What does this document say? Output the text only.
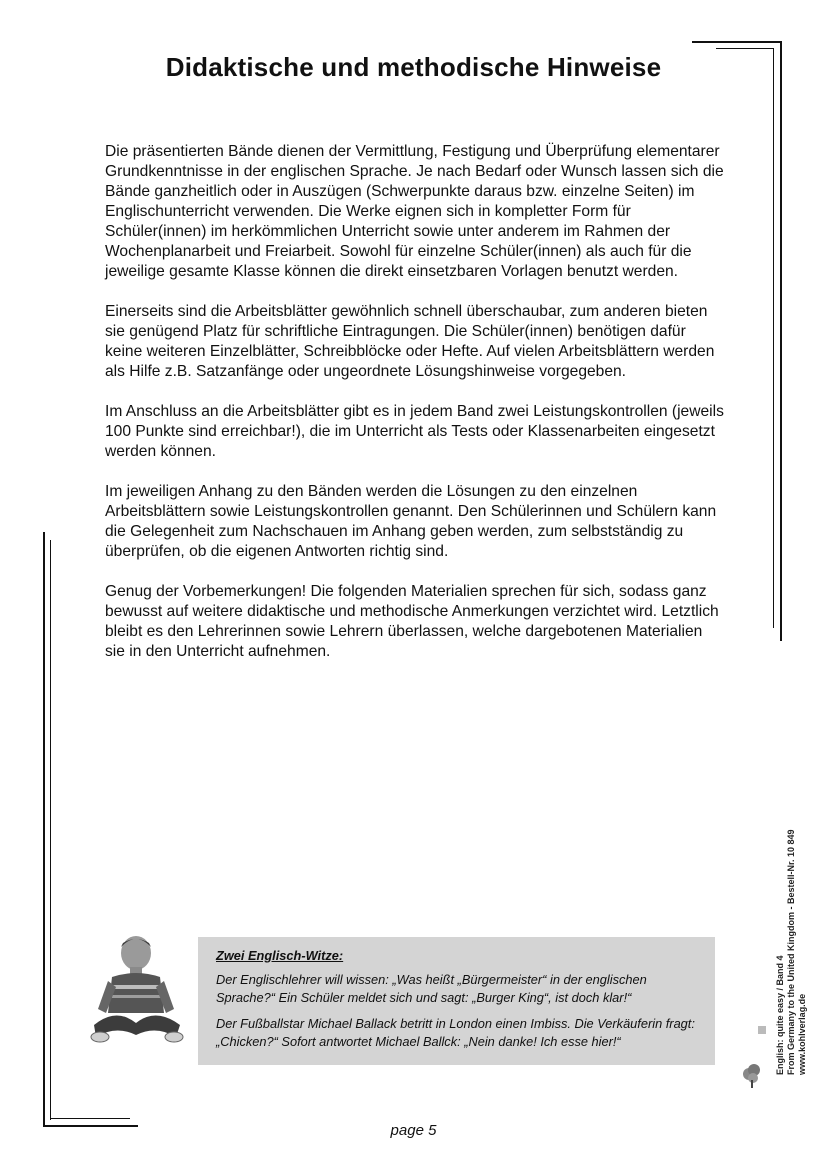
Didaktische und methodische Hinweise

Die präsentierten Bände dienen der Vermittlung, Festigung und Überprüfung elementarer Grundkenntnisse in der englischen Sprache. Je nach Bedarf oder Wunsch lassen sich die Bände ganzheitlich oder in Auszügen (Schwerpunkte daraus bzw. einzelne Seiten) im Englischunterricht verwenden. Die Werke eignen sich in kompletter Form für Schüler(innen) im herkömmlichen Unterricht sowie unter anderem im Rahmen der Wochenplanarbeit und Freiarbeit. Sowohl für einzelne Schüler(innen) als auch für die jeweilige gesamte Klasse können die direkt einsetzbaren Vorlagen benutzt werden.

Einerseits sind die Arbeitsblätter gewöhnlich schnell überschaubar, zum anderen bieten sie genügend Platz für schriftliche Eintragungen. Die Schüler(innen) benötigen dafür keine weiteren Einzelblätter, Schreibblöcke oder Hefte. Auf vielen Arbeitsblättern werden als Hilfe z.B. Satzanfänge oder ungeordnete Lösungshinweise vorgegeben.

Im Anschluss an die Arbeitsblätter gibt es in jedem Band zwei Leistungskontrollen (jeweils 100 Punkte sind erreichbar!), die im Unterricht als Tests oder Klassenarbeiten eingesetzt werden können.

Im jeweiligen Anhang zu den Bänden werden die Lösungen zu den einzelnen Arbeitsblättern sowie Leistungskontrollen genannt. Den Schülerinnen und Schülern kann die Gelegenheit zum Nachschauen im Anhang geben werden, zum selbstständig zu überprüfen, ob die eigenen Antworten richtig sind.

Genug der Vorbemerkungen! Die folgenden Materialien sprechen für sich, sodass ganz bewusst auf weitere didaktische und methodische Anmerkungen verzichtet wird. Letztlich bleibt es den Lehrerinnen sowie Lehrern überlassen, welche dargebotenen Materialien sie in den Unterricht aufnehmen.

Zwei Englisch-Witze:
Der Englischlehrer will wissen: „Was heißt „Bürgermeister“ in der englischen Sprache?“ Ein Schüler meldet sich und sagt: „Burger King“, ist doch klar!“
Der Fußballstar Michael Ballack betritt in London einen Imbiss. Die Verkäuferin fragt: „Chicken?“ Sofort antwortet Michael Ballck: „Nein danke! Ich esse hier!“	English: quite easy / Band 4 From Germany to the United Kingdom - Bestell-Nr. 10 849 www.kohlverlag.de
page 5
